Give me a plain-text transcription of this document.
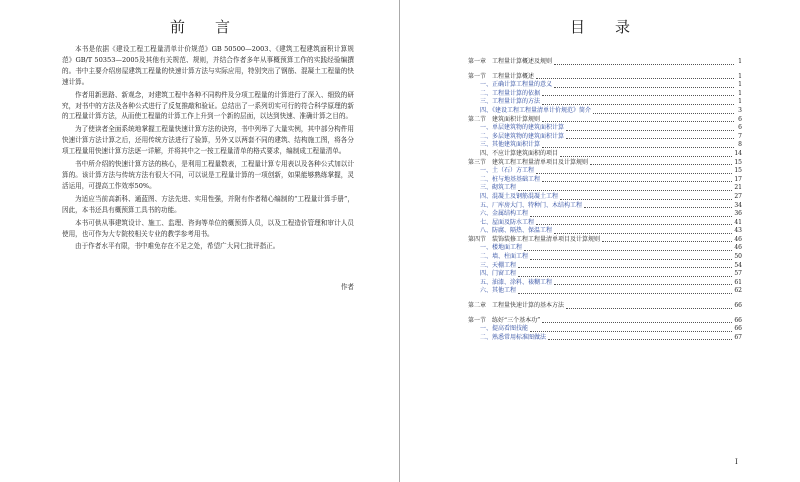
前言

本书是依据《建设工程工程量清单计价规范》GB 50500—2003、《建筑工程建筑面积计算规范》GB/T 50353—2005及其他有关规范、规则，并结合作者多年从事概预算工作的实践经验编撰的。书中主要介绍房屋建筑工程量的快速计算方法与实际应用，特别突出了钢筋、混凝土工程量的快速计算。

作者用新思路、新观念，对建筑工程中各种不同构件及分项工程量的计算进行了深入、细致的研究，对书中的方法及各种公式进行了反复推敲和验证。总结出了一系列切实可行的符合科学原理的新的工程量计算方法，从而使工程量的计算工作上升到一个新的层面，以达到快速、准确计算之目的。

为了使读者全面系统地掌握工程量快速计算方法的诀窍，书中列举了大量实例，其中部分构件用快速计算方法计算之后，还用传统方法进行了验算，另外又以两套不同的建筑、结构施工图，将各分项工程量用快速计算方法逐一详解，并将其中之一按工程量清单的格式要求，编制成工程量清单。

书中所介绍的快速计算方法的核心，是利用工程量数表，工程量计算专用表以及各种公式加以计算的。该计算方法与传统方法有很大不同，可以说是工程量计算的一项创新，如果能够熟练掌握，灵活运用，可提高工作效率50%。

为适应当前高新科、通蓝图、方法先进、实用性强，并附有作者精心编制的“工程量计算手册”，因此，本书还具有概预算工具书的功能。

本书可供从事建筑设计、施工、监理、咨询等单位的概预算人员，以及工程造价管理和审计人员使用，也可作为大专院校相关专业的教学参考用书。

由于作者水平有限，书中难免存在不足之处，希望广大同仁批评指正。

作者
目录
第一章　工程量计算概述及规则	1
第一节　工程量计算概述	1
一、正确计算工程量的意义	1
二、工程量计算的依据	1
三、工程量计算的方法	1
四、《建设工程工程量清单计价规范》简介	3
第二节　建筑面积计算规则	6
一、单层建筑物的建筑面积计算	6
二、多层建筑物的建筑面积计算	7
三、其他建筑面积计算	8
四、不应计算建筑面积的项目	14
第三节　建筑工程工程量清单项目及计算规则	15
一、土（石）方工程	15
二、桩与地基基础工程	17
三、砌筑工程	21
四、混凝土及钢筋混凝土工程	27
五、厂库房大门、特种门、木结构工程	34
六、金属结构工程	36
七、屋面及防水工程	41
八、防腐、隔热、保温工程	43
第四节　装饰装修工程工程量清单项目及计算规则	46
一、楼地面工程	46
二、墙、柱面工程	50
三、天棚工程	54
四、门窗工程	57
五、油漆、涂料、裱糊工程	61
六、其他工程	62
第二章　工程量快速计算的基本方法	66
第一节　练好“三个基本功”	66
一、提高看图技能	66
二、熟悉常用标准图做法	67
I
